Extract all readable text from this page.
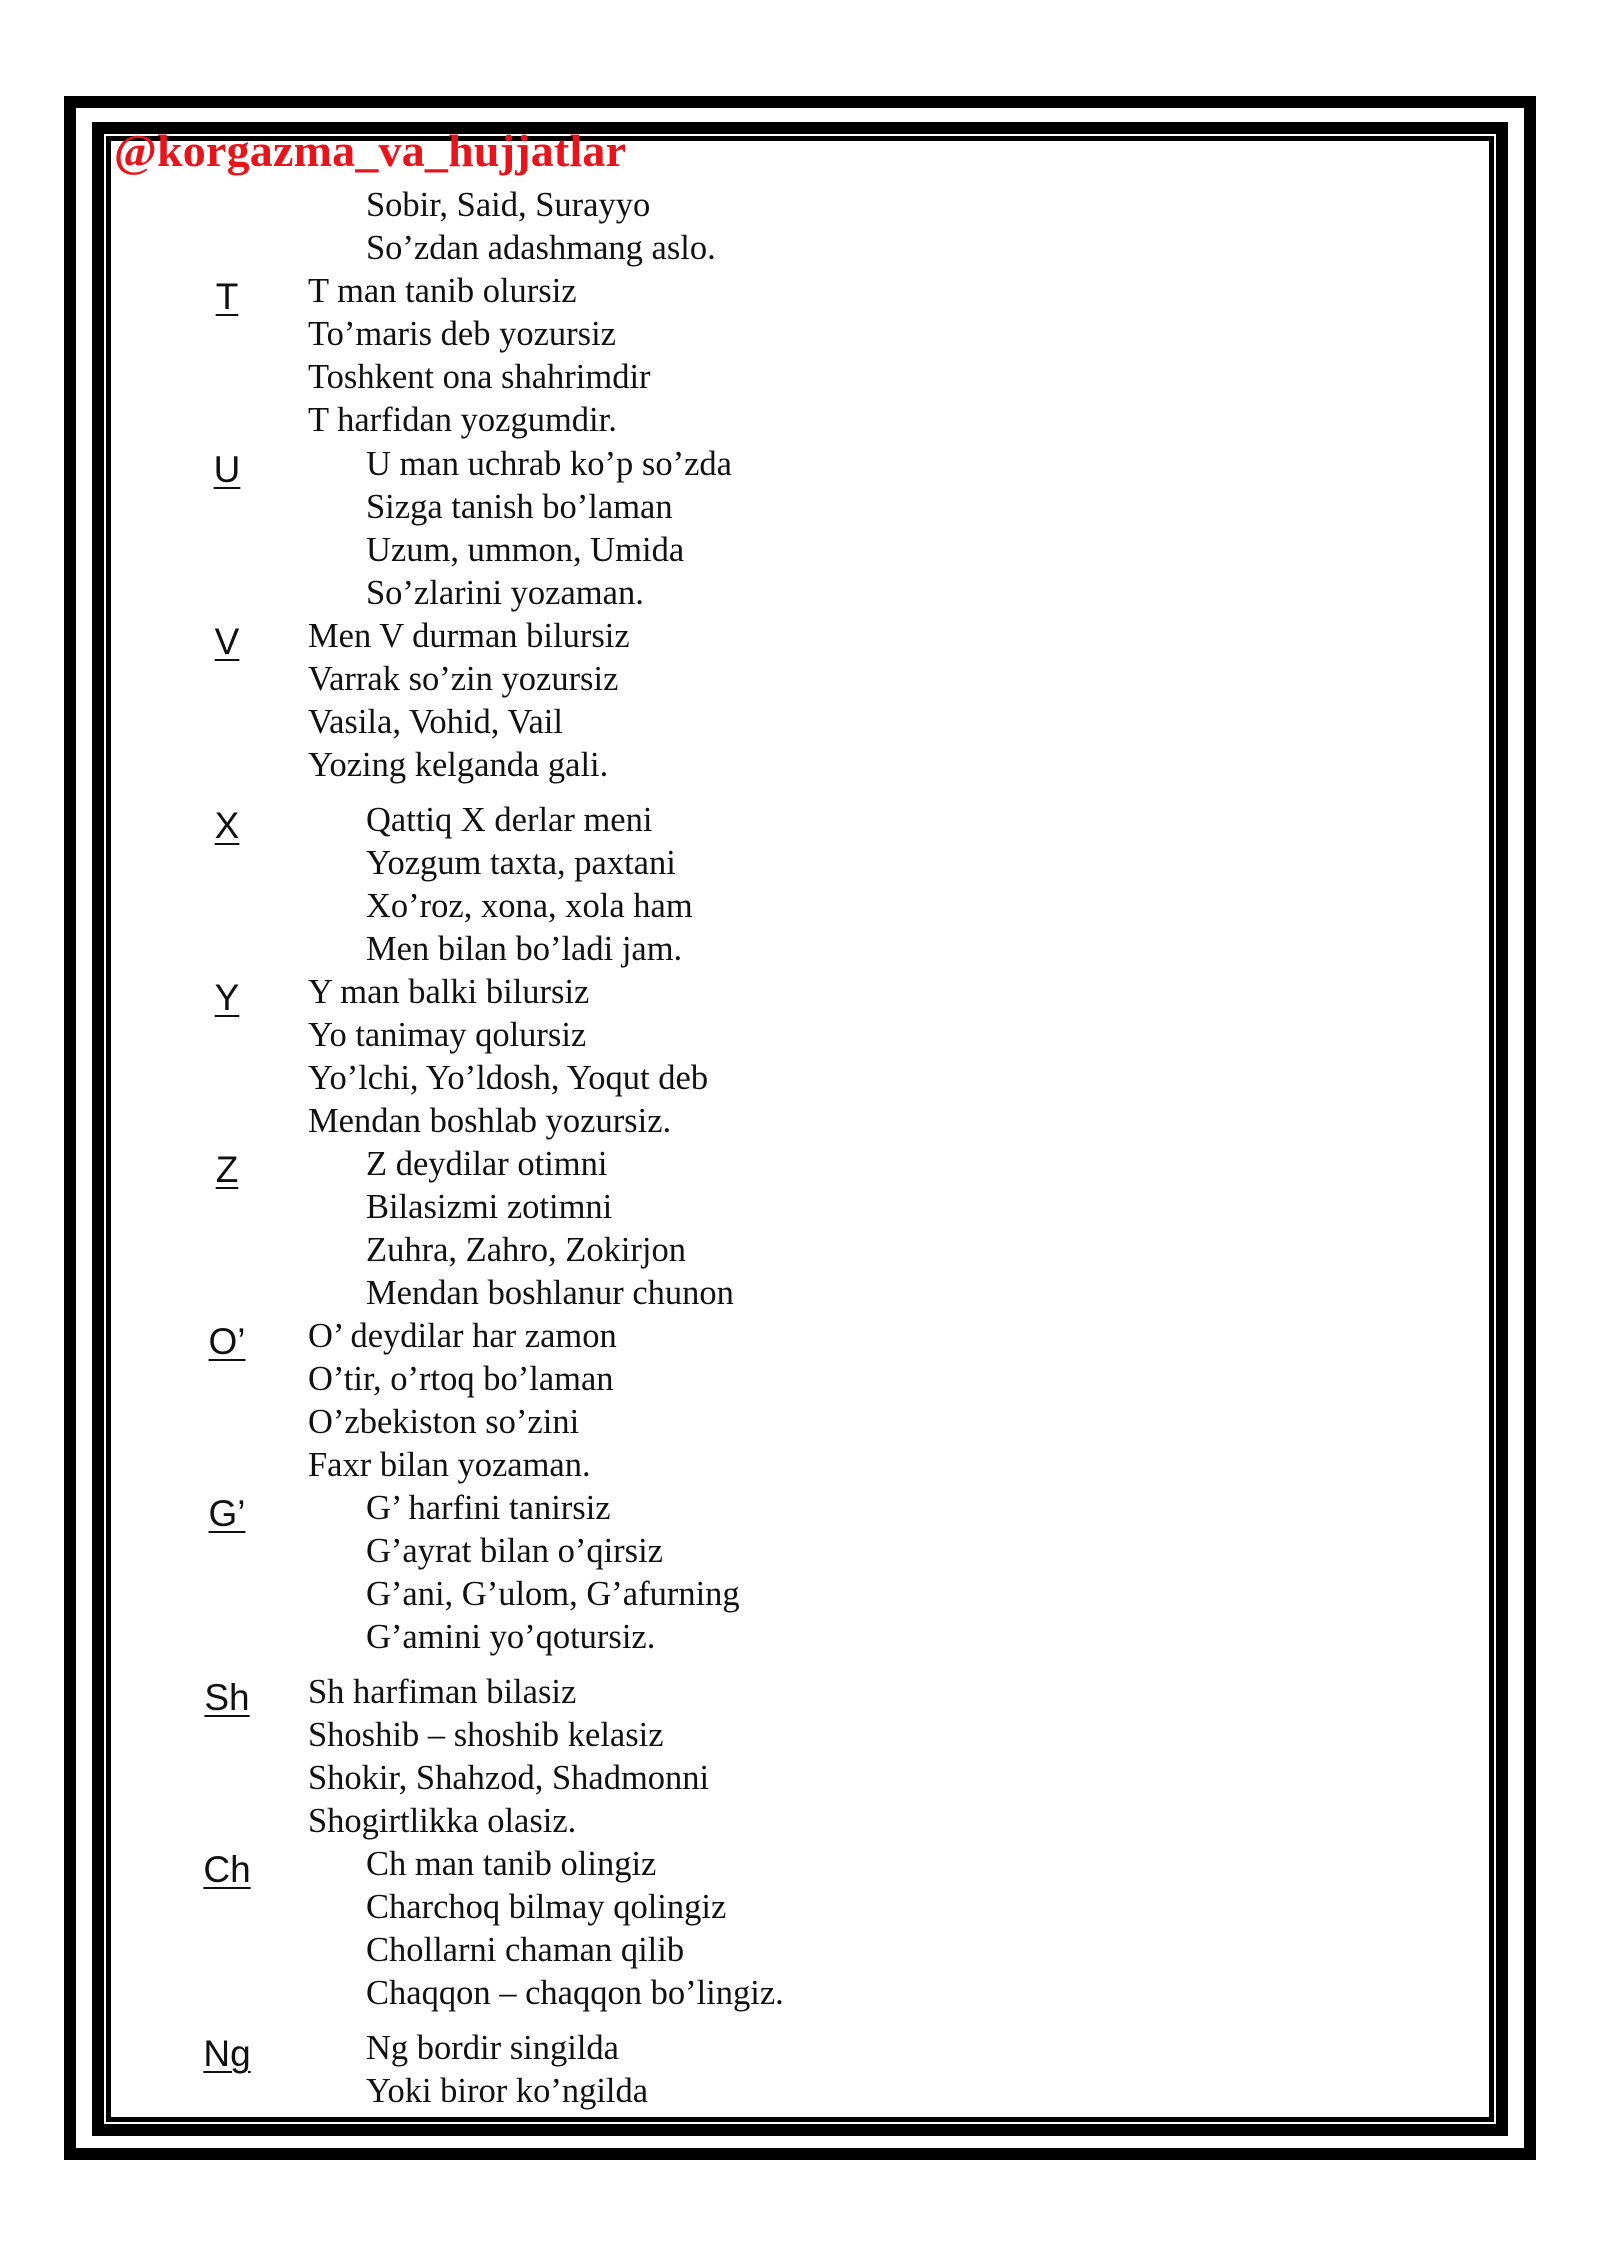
@korgazma_va_hujjatlar
Sobir, Said, Surayyo
So’zdan adashmang aslo.
T	T man tanib olursiz
To’maris deb yozursiz
Toshkent ona shahrimdir
T harfidan yozgumdir.
U	U man uchrab ko’p so’zda
Sizga tanish bo’laman
Uzum, ummon, Umida
So’zlarini yozaman.
V	Men V durman bilursiz
Varrak so’zin yozursiz
Vasila, Vohid, Vail
Yozing kelganda gali.
X	Qattiq X derlar meni
Yozgum taxta, paxtani
Xo’roz, xona, xola ham
Men bilan bo’ladi jam.
Y	Y man balki bilursiz
Yo tanimay qolursiz
Yo’lchi, Yo’ldosh, Yoqut deb
Mendan boshlab yozursiz.
Z	Z deydilar otimni
Bilasizmi zotimni
Zuhra, Zahro, Zokirjon
Mendan boshlanur chunon
O’	O’ deydilar har zamon
O’tir, o’rtoq bo’laman
O’zbekiston so’zini
Faxr bilan yozaman.
G’	G’ harfini tanirsiz
G’ayrat bilan o’qirsiz
G’ani, G’ulom, G’afurning
G’amini yo’qotursiz.
Sh	Sh harfiman bilasiz
Shoshib – shoshib kelasiz
Shokir, Shahzod, Shadmonni
Shogirtlikka olasiz.
Ch	Ch man tanib olingiz
Charchoq bilmay qolingiz
Chollarni chaman qilib
Chaqqon – chaqqon bo’lingiz.
Ng	Ng bordir singilda
Yoki biror ko’ngilda
